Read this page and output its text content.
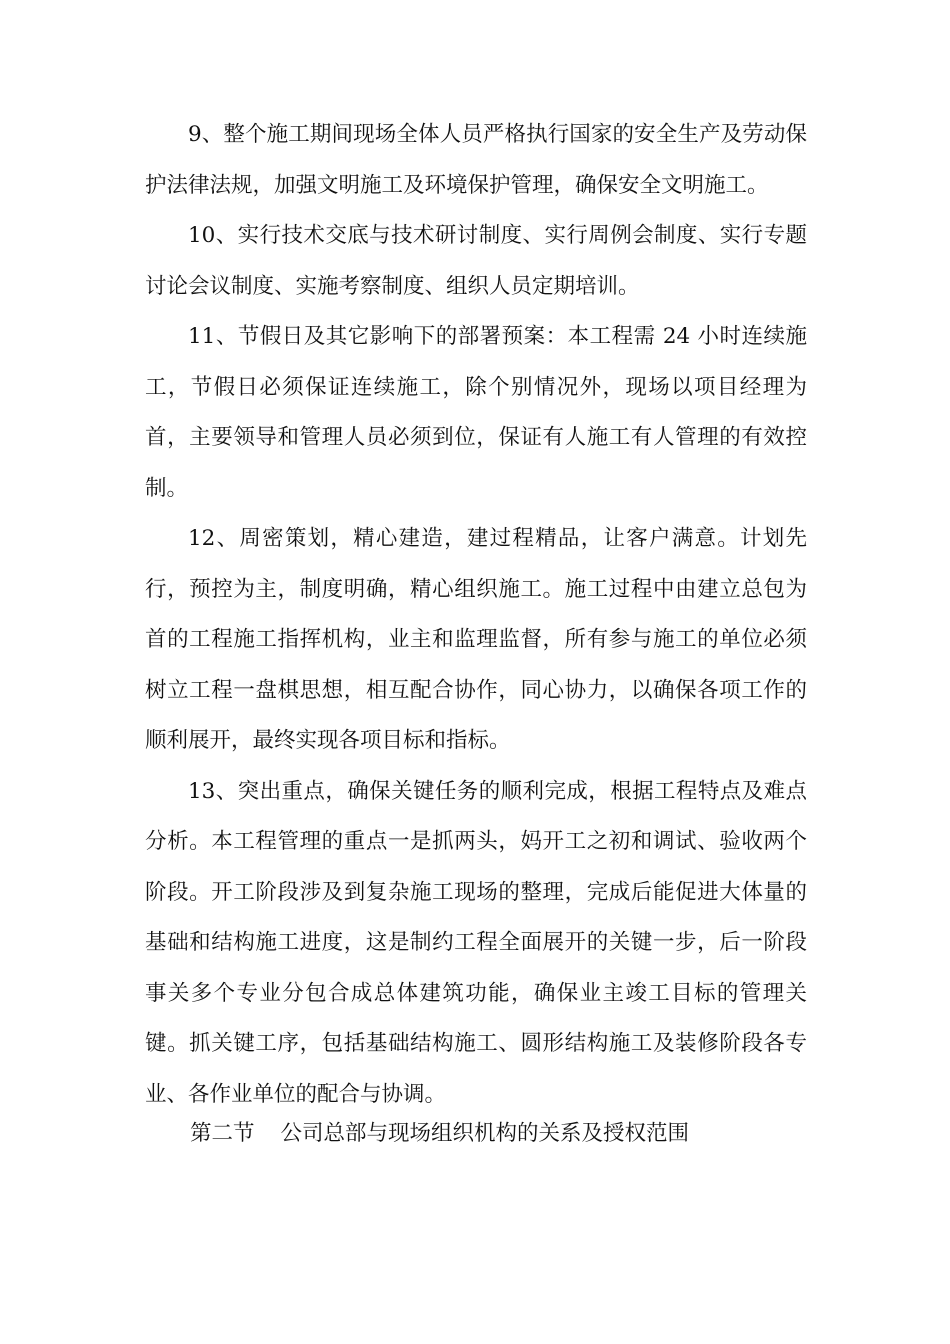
9、整个施工期间现场全体人员严格执行国家的安全生产及劳动保护法律法规，加强文明施工及环境保护管理，确保安全文明施工。

10、实行技术交底与技术研讨制度、实行周例会制度、实行专题讨论会议制度、实施考察制度、组织人员定期培训。

11、节假日及其它影响下的部署预案：本工程需 24 小时连续施工，节假日必须保证连续施工，除个别情况外，现场以项目经理为首，主要领导和管理人员必须到位，保证有人施工有人管理的有效控制。

12、周密策划，精心建造，建过程精品，让客户满意。计划先行，预控为主，制度明确，精心组织施工。施工过程中由建立总包为首的工程施工指挥机构，业主和监理监督，所有参与施工的单位必须树立工程一盘棋思想，相互配合协作，同心协力，以确保各项工作的顺利展开，最终实现各项目标和指标。

13、突出重点，确保关键任务的顺利完成，根据工程特点及难点分析。本工程管理的重点一是抓两头，妈开工之初和调试、验收两个阶段。开工阶段涉及到复杂施工现场的整理，完成后能促进大体量的基础和结构施工进度，这是制约工程全面展开的关键一步，后一阶段事关多个专业分包合成总体建筑功能，确保业主竣工目标的管理关键。抓关键工序，包括基础结构施工、圆形结构施工及装修阶段各专业、各作业单位的配合与协调。

第二节 公司总部与现场组织机构的关系及授权范围
